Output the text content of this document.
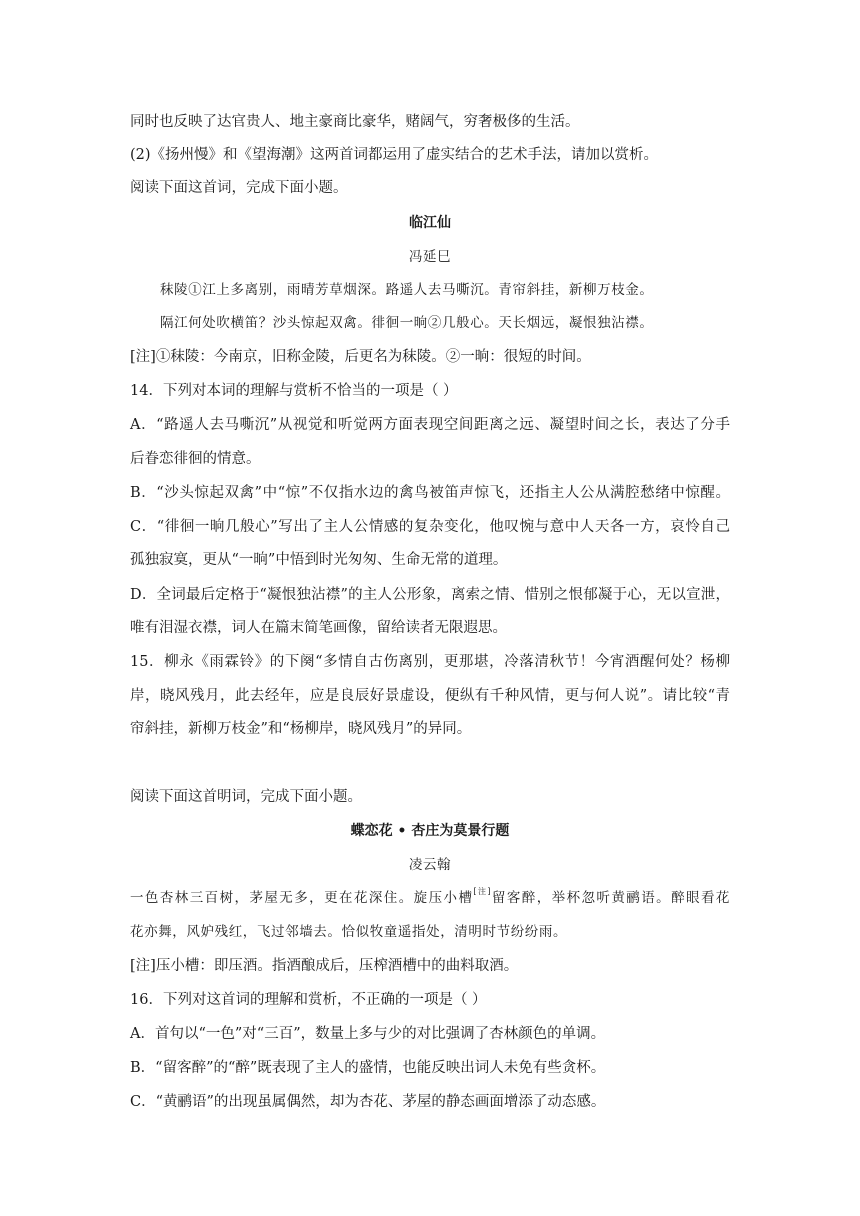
同时也反映了达官贵人、地主豪商比豪华，赌阔气，穷奢极侈的生活。
(2)《扬州慢》和《望海潮》这两首词都运用了虚实结合的艺术手法，请加以赏析。
阅读下面这首词，完成下面小题。
临江仙
冯延巳
秣陵①江上多离别，雨晴芳草烟深。路遥人去马嘶沉。青帘斜挂，新柳万枝金。
隔江何处吹横笛？沙头惊起双禽。徘徊一晌②几般心。天长烟远，凝恨独沾襟。
[注]①秣陵：今南京，旧称金陵，后更名为秣陵。②一晌：很短的时间。
14．下列对本词的理解与赏析不恰当的一项是（ ）
A．“路遥人去马嘶沉”从视觉和听觉两方面表现空间距离之远、凝望时间之长，表达了分手
后眷恋徘徊的情意。
B．“沙头惊起双禽”中“惊”不仅指水边的禽鸟被笛声惊飞，还指主人公从满腔愁绪中惊醒。
C．“徘徊一晌几般心”写出了主人公情感的复杂变化，他叹惋与意中人天各一方，哀怜自己
孤独寂寞，更从“一晌”中悟到时光匆匆、生命无常的道理。
D．全词最后定格于“凝恨独沾襟”的主人公形象，离索之情、惜别之恨郁凝于心，无以宣泄，
唯有泪湿衣襟，词人在篇末简笔画像，留给读者无限遐思。
15．柳永《雨霖铃》的下阕“多情自古伤离别，更那堪，冷落清秋节！今宵酒醒何处？杨柳
岸，晓风残月，此去经年，应是良辰好景虚设，便纵有千种风情，更与何人说”。请比较“青
帘斜挂，新柳万枝金”和“杨柳岸，晓风残月”的异同。
阅读下面这首明词，完成下面小题。
蝶恋花 • 杏庄为莫景行题
凌云翰
一色杏林三百树，茅屋无多，更在花深住。旋压小槽[注]留客醉，举杯忽听黄鹂语。醉眼看花
花亦舞，风妒残红，飞过邻墙去。恰似牧童遥指处，清明时节纷纷雨。
[注]压小槽：即压酒。指酒酿成后，压榨酒槽中的曲料取酒。
16．下列对这首词的理解和赏析，不正确的一项是（ ）
A．首句以“一色”对“三百”，数量上多与少的对比强调了杏林颜色的单调。
B．“留客醉”的“醉”既表现了主人的盛情，也能反映出词人未免有些贪杯。
C．“黄鹂语”的出现虽属偶然，却为杏花、茅屋的静态画面增添了动态感。
